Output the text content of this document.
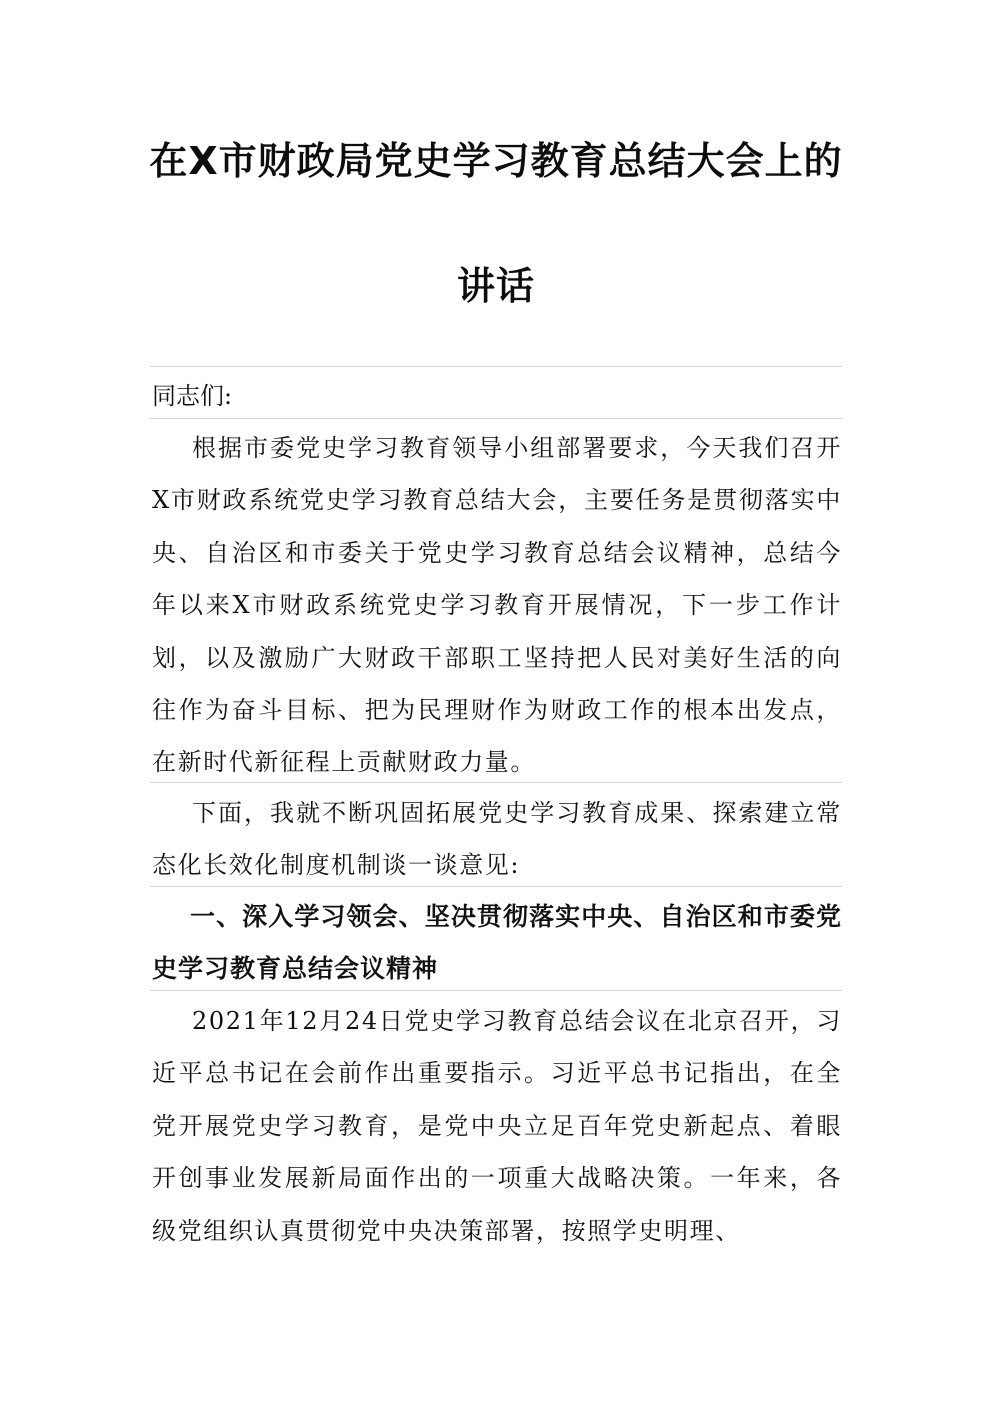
在X市财政局党史学习教育总结大会上的
讲话
同志们:

根据市委党史学习教育领导小组部署要求，今天我们召开X市财政系统党史学习教育总结大会，主要任务是贯彻落实中央、自治区和市委关于党史学习教育总结会议精神，总结今年以来X市财政系统党史学习教育开展情况，下一步工作计划，以及激励广大财政干部职工坚持把人民对美好生活的向往作为奋斗目标、把为民理财作为财政工作的根本出发点，在新时代新征程上贡献财政力量。

下面，我就不断巩固拓展党史学习教育成果、探索建立常态化长效化制度机制谈一谈意见:

一、深入学习领会、坚决贯彻落实中央、自治区和市委党史学习教育总结会议精神

2021年12月24日党史学习教育总结会议在北京召开，习近平总书记在会前作出重要指示。习近平总书记指出，在全党开展党史学习教育，是党中央立足百年党史新起点、着眼开创事业发展新局面作出的一项重大战略决策。一年来，各级党组织认真贯彻党中央决策部署，按照学史明理、
